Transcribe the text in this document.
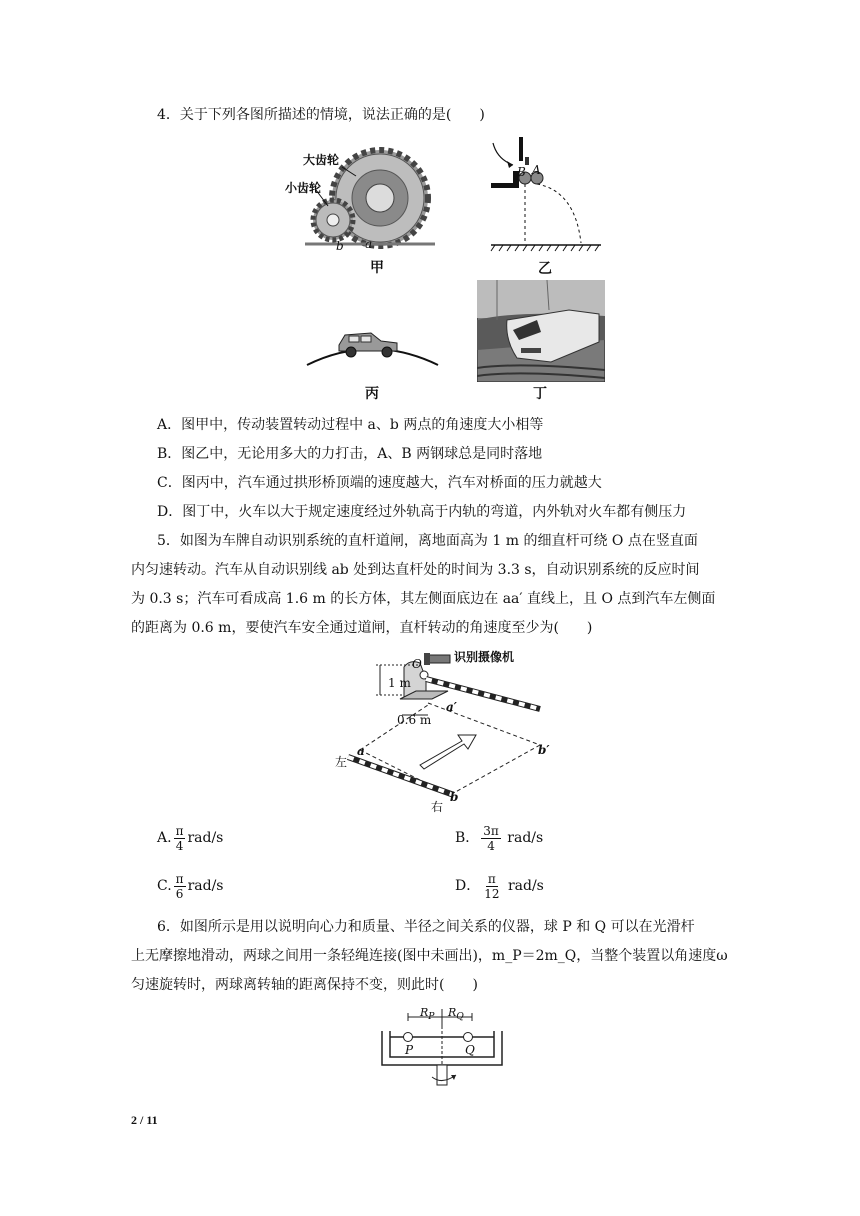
4．关于下列各图所描述的情境，说法正确的是(　　)
大齿轮
小齿轮
a
b
甲
A
B
乙
丙	丁
A．图甲中，传动装置转动过程中 a、b 两点的角速度大小相等
B．图乙中，无论用多大的力打击，A、B 两钢球总是同时落地
C．图丙中，汽车通过拱形桥顶端的速度越大，汽车对桥面的压力就越大
D．图丁中，火车以大于规定速度经过外轨高于内轨的弯道，内外轨对火车都有侧压力
5．如图为车牌自动识别系统的直杆道闸，离地面高为 1 m 的细直杆可绕 O 点在竖直面
内匀速转动。汽车从自动识别线 ab 处到达直杆处的时间为 3.3 s，自动识别系统的反应时间
为 0.3 s；汽车可看成高 1.6 m 的长方体，其左侧面底边在 aa′ 直线上，且 O 点到汽车左侧面
的距离为 0.6 m，要使汽车安全通过道闸，直杆转动的角速度至少为(　　)
识别摄像机
1 m
O
0.6 m
a′
b′
a
b
左
右
A. $\frac{\pi}{4} rad/s$	B． $\frac{3\pi}{4} rad/s$
C. $\frac{\pi}{6} rad/s$	D． $\frac{\pi}{12} rad/s$
6．如图所示是用以说明向心力和质量、半径之间关系的仪器，球 P 和 Q 可以在光滑杆
上无摩擦地滑动，两球之间用一条轻绳连接(图中未画出)，m_P＝2m_Q，当整个装置以角速度ω
匀速旋转时，两球离转轴的距离保持不变，则此时(　　)
$R_P$ $R_Q$
P	Q
2 / 11
